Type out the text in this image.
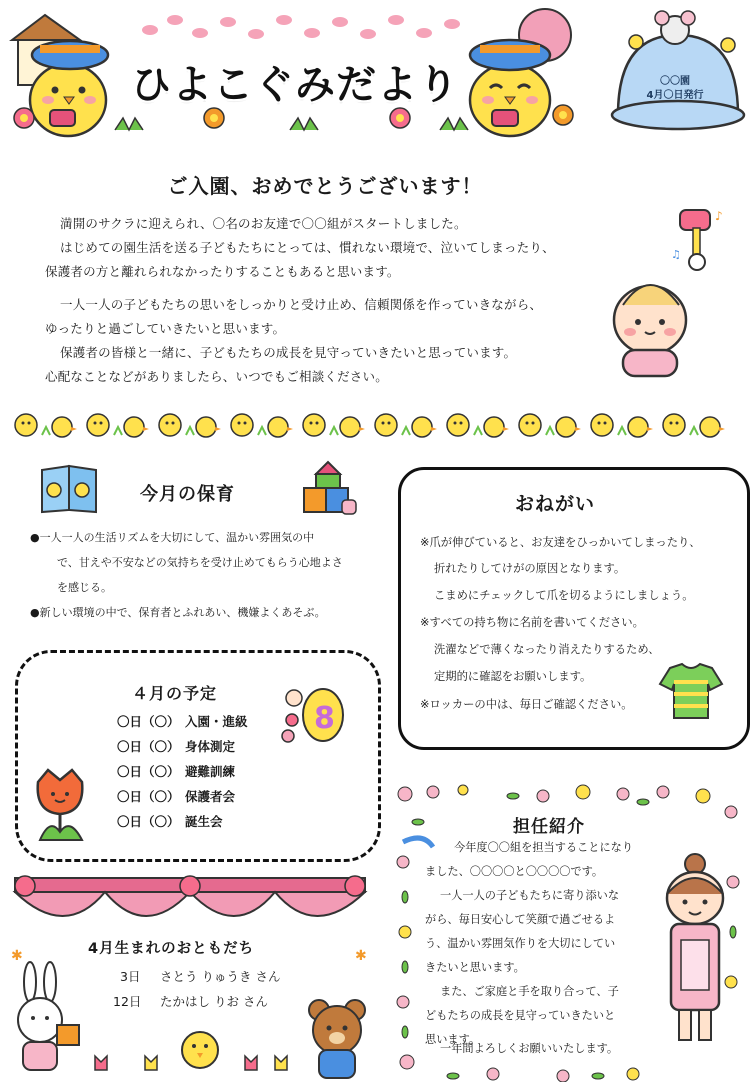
ひよこぐみだより	〇〇園
4月〇日発行
ご入園、おめでとうございます！

満開のサクラに迎えられ、〇名のお友達で〇〇組がスタートしました。

はじめての園生活を送る子どもたちにとっては、慣れない環境で、泣いてしまったり、

保護者の方と離れられなかったりすることもあると思います。

一人一人の子どもたちの思いをしっかりと受け止め、信頼関係を作っていきながら、

ゆったりと過ごしていきたいと思います。

保護者の皆様と一緒に、子どもたちの成長を見守っていきたいと思っています。

心配なことなどがありましたら、いつでもご相談ください。

♪
♫
今月の保育
●一人一人の生活リズムを大切にして、温かい雰囲気の中
で、甘えや不安などの気持ちを受け止めてもらう心地よさ
を感じる。
●新しい環境の中で、保育者とふれあい、機嫌よくあそぶ。
おねがい
※爪が伸びていると、お友達をひっかいてしまったり、
折れたりしてけがの原因となります。
こまめにチェックして爪を切るようにしましょう。
※すべての持ち物に名前を書いてください。
洗濯などで薄くなったり消えたりするため、
定期的に確認をお願いします。
※ロッカーの中は、毎日ご確認ください。
４月の予定
〇日（〇） 入園・進級
〇日（〇） 身体測定
〇日（〇） 避難訓練
〇日（〇） 保護者会
〇日（〇） 誕生会
8
担任紹介
今年度〇〇組を担当することになり
ました、〇〇〇〇と〇〇〇〇です。
一人一人の子どもたちに寄り添いな
がら、毎日安心して笑顔で過ごせるよ
う、温かい雰囲気作りを大切にしてい
きたいと思います。
また、ご家庭と手を取り合って、子
どもたちの成長を見守っていきたいと
思います。
一年間よろしくお願いいたします。
✱	✱
4月生まれのおともだち
3日 さとう りゅうき さん
12日 たかはし りお さん
